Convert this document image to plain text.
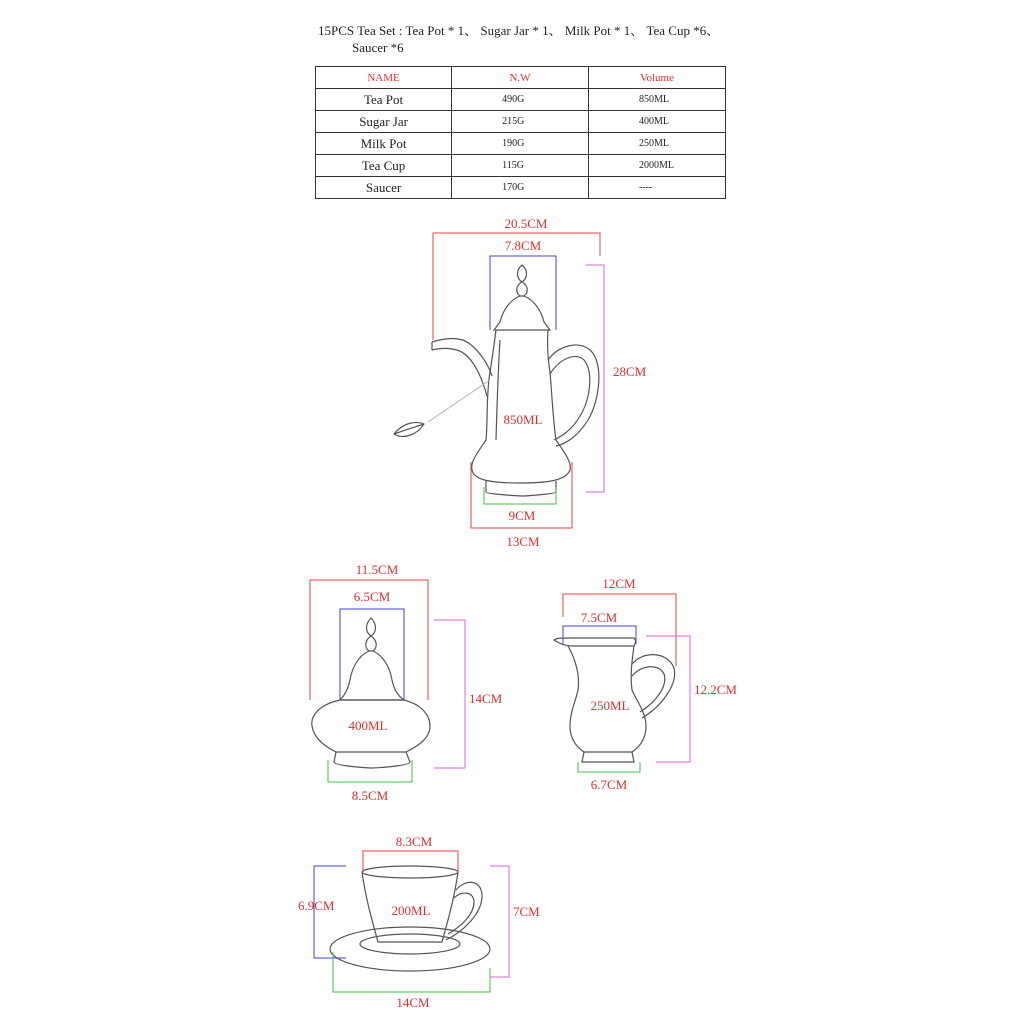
15PCS Tea Set : Tea Pot * 1、 Sugar Jar * 1、 Milk Pot * 1、 Tea Cup *6、
Saucer *6
NAME	N.W	Volume
Tea Pot	490G	850ML
Sugar Jar	215G	400ML
Milk Pot	190G	250ML
Tea Cup	115G	2000ML
Saucer	170G	----
20.5CM
7.8CM
28CM
850ML
9CM
13CM
11.5CM
6.5CM
14CM
400ML
8.5CM
12CM
7.5CM
12.2CM
250ML
6.7CM
8.3CM
6.9CM	7CM
200ML
14CM
